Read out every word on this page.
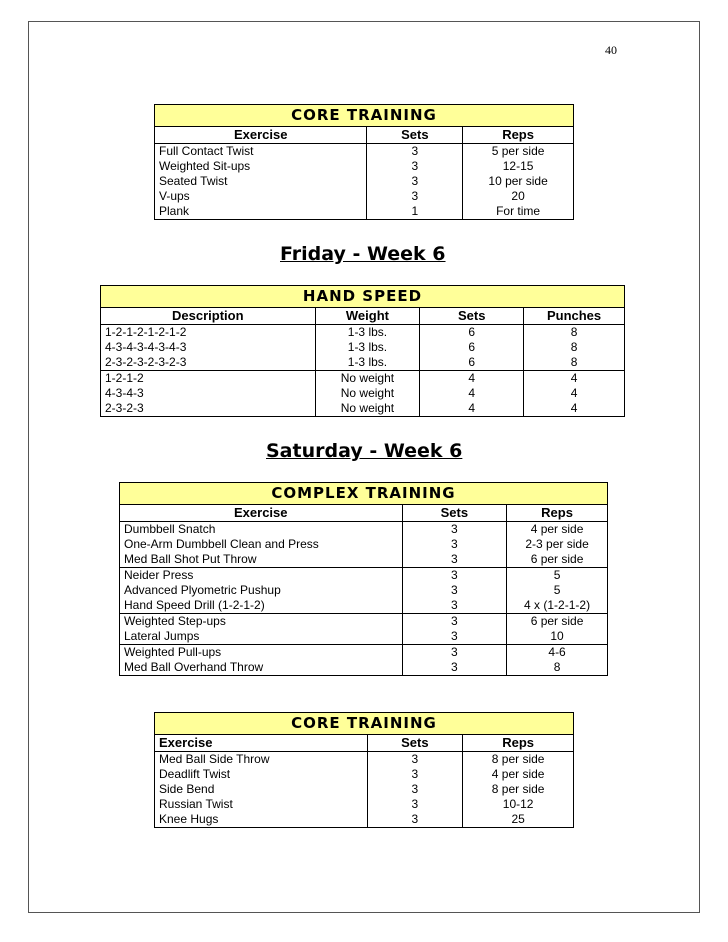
40
CORE TRAINING		
Exercise	Sets	Reps
Full Contact Twist	3	5 per side
Weighted Sit-ups	3	12-15
Seated Twist	3	10 per side
V-ups	3	20
Plank	1	For time
Friday - Week 6
HAND SPEED			
Description	Weight	Sets	Punches
1-2-1-2-1-2-1-2	1-3 lbs.	6	8
4-3-4-3-4-3-4-3	1-3 lbs.	6	8
2-3-2-3-2-3-2-3	1-3 lbs.	6	8
1-2-1-2	No weight	4	4
4-3-4-3	No weight	4	4
2-3-2-3	No weight	4	4
Saturday - Week 6
COMPLEX TRAINING		
Exercise	Sets	Reps
Dumbbell Snatch	3	4 per side
One-Arm Dumbbell Clean and Press	3	2-3 per side
Med Ball Shot Put Throw	3	6 per side
Neider Press	3	5
Advanced Plyometric Pushup	3	5
Hand Speed Drill (1-2-1-2)	3	4 x (1-2-1-2)
Weighted Step-ups	3	6 per side
Lateral Jumps	3	10
Weighted Pull-ups	3	4-6
Med Ball Overhand Throw	3	8
CORE TRAINING		
Exercise	Sets	Reps
Med Ball Side Throw	3	8 per side
Deadlift Twist	3	4 per side
Side Bend	3	8 per side
Russian Twist	3	10-12
Knee Hugs	3	25
